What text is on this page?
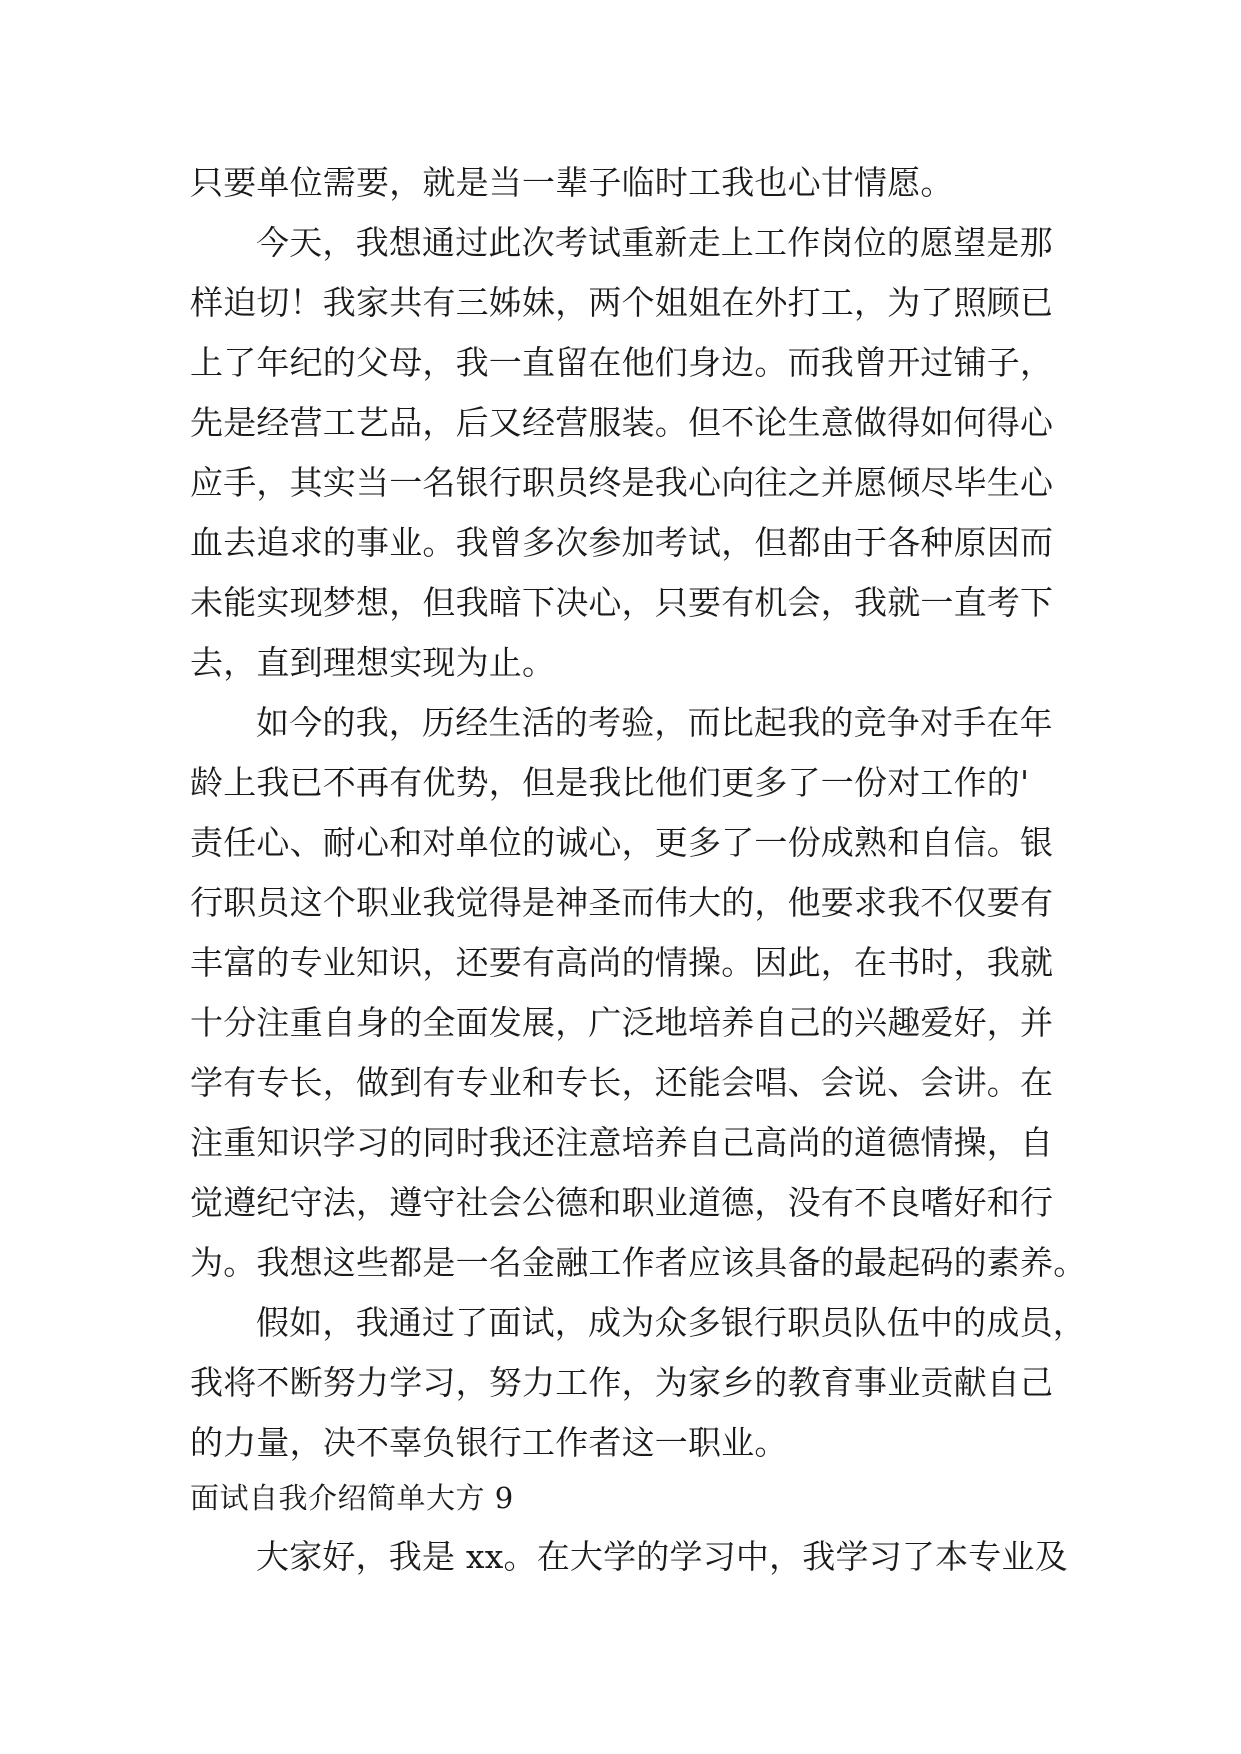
只要单位需要，就是当一辈子临时工我也心甘情愿。
今天，我想通过此次考试重新走上工作岗位的愿望是那
样迫切！我家共有三姊妹，两个姐姐在外打工，为了照顾已
上了年纪的父母，我一直留在他们身边。而我曾开过铺子，
先是经营工艺品，后又经营服装。但不论生意做得如何得心
应手，其实当一名银行职员终是我心向往之并愿倾尽毕生心
血去追求的事业。我曾多次参加考试，但都由于各种原因而
未能实现梦想，但我暗下决心，只要有机会，我就一直考下
去，直到理想实现为止。
如今的我，历经生活的考验，而比起我的竞争对手在年
龄上我已不再有优势，但是我比他们更多了一份对工作的'
责任心、耐心和对单位的诚心，更多了一份成熟和自信。银
行职员这个职业我觉得是神圣而伟大的，他要求我不仅要有
丰富的专业知识，还要有高尚的情操。因此，在书时，我就
十分注重自身的全面发展，广泛地培养自己的兴趣爱好，并
学有专长，做到有专业和专长，还能会唱、会说、会讲。在
注重知识学习的同时我还注意培养自己高尚的道德情操，自
觉遵纪守法，遵守社会公德和职业道德，没有不良嗜好和行
为。我想这些都是一名金融工作者应该具备的最起码的素养。
假如，我通过了面试，成为众多银行职员队伍中的成员，
我将不断努力学习，努力工作，为家乡的教育事业贡献自己
的力量，决不辜负银行工作者这一职业。
面试自我介绍简单大方 9
大家好，我是 xx。在大学的学习中，我学习了本专业及
